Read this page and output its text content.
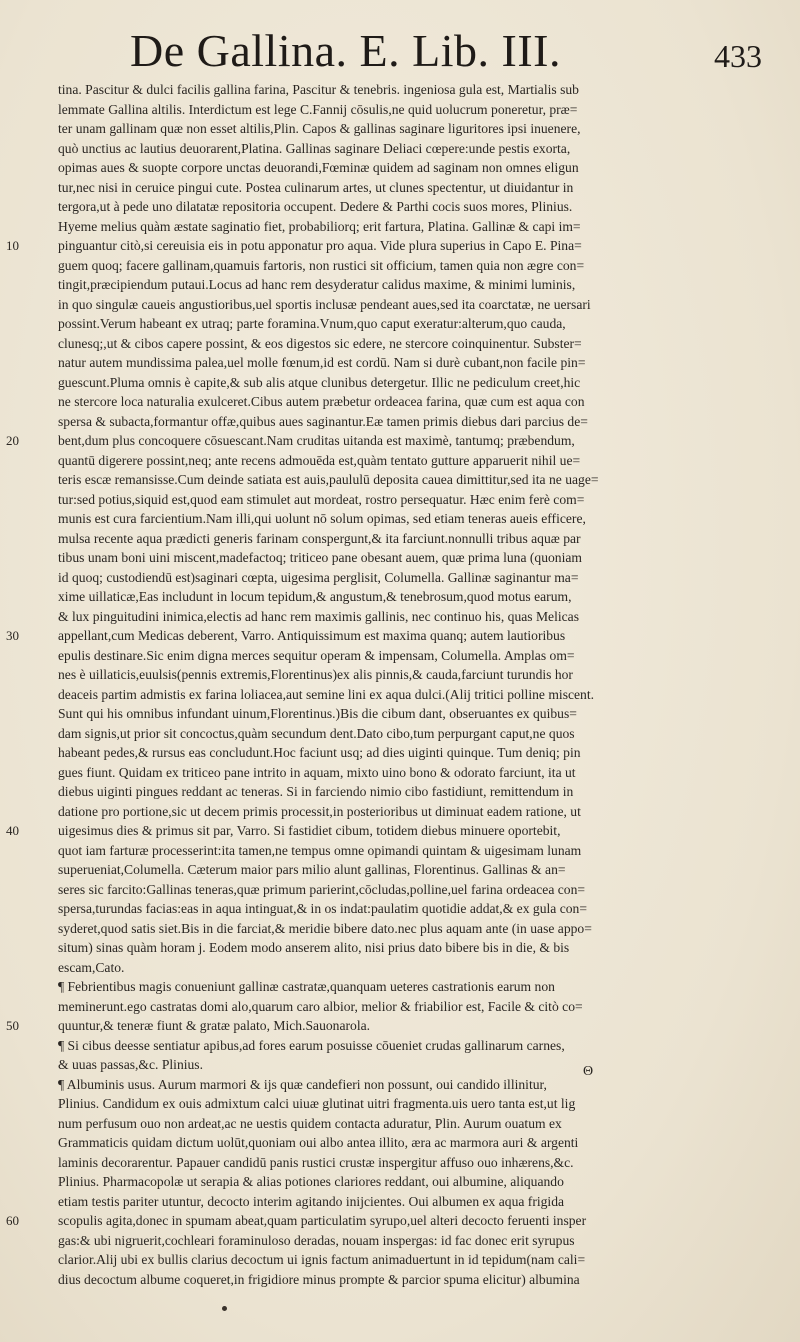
De Gallina. E. Lib. III.	433
tina. Pascitur & dulci facilis gallina farina, Pascitur & tenebris. ingeniosa gula est, Martialis sub
lemmate Gallina altilis. Interdictum est lege C.Fannij cōsulis,ne quid uolucrum poneretur, præ=
ter unam gallinam quæ non esset altilis,Plin. Capos & gallinas saginare liguritores ipsi inuenere,
quò unctius ac lautius deuorarent,Platina. Gallinas saginare Deliaci cœpere:unde pestis exorta,
opimas aues & suopte corpore unctas deuorandi,Fœminæ quidem ad saginam non omnes eligun
tur,nec nisi in ceruice pingui cute. Postea culinarum artes, ut clunes spectentur, ut diuidantur in
tergora,ut à pede uno dilatatæ repositoria occupent. Dedere & Parthi cocis suos mores, Plinius.
Hyeme melius quàm æstate saginatio fiet, probabiliorq; erit fartura, Platina. Gallinæ & capi im=
pinguantur citò,si cereuisia eis in potu apponatur pro aqua. Vide plura superius in Capo E. Pina=
guem quoq; facere gallinam,quamuis fartoris, non rustici sit officium, tamen quia non ægre con=
tingit,præcipiendum putaui.Locus ad hanc rem desyderatur calidus maxime, & minimi luminis,
in quo singulæ caueis angustioribus,uel sportis inclusæ pendeant aues,sed ita coarctatæ, ne uersari
possint.Verum habeant ex utraq; parte foramina.Vnum,quo caput exeratur:alterum,quo cauda,
clunesq;,ut & cibos capere possint, & eos digestos sic edere, ne stercore coinquinentur. Subster=
natur autem mundissima palea,uel molle fœnum,id est cordū. Nam si durè cubant,non facile pin=
guescunt.Pluma omnis è capite,& sub alis atque clunibus detergetur. Illic ne pediculum creet,hic
ne stercore loca naturalia exulceret.Cibus autem præbetur ordeacea farina, quæ cum est aqua con
spersa & subacta,formantur offæ,quibus aues saginantur.Eæ tamen primis diebus dari parcius de=
bent,dum plus concoquere cōsuescant.Nam cruditas uitanda est maximè, tantumq; præbendum,
quantū digerere possint,neq; ante recens admouēda est,quàm tentato gutture apparuerit nihil ue=
teris escæ remansisse.Cum deinde satiata est auis,paululū deposita cauea dimittitur,sed ita ne uage=
tur:sed potius,siquid est,quod eam stimulet aut mordeat, rostro persequatur. Hæc enim ferè com=
munis est cura farcientium.Nam illi,qui uolunt nō solum opimas, sed etiam teneras aueis efficere,
mulsa recente aqua prædicti generis farinam conspergunt,& ita farciunt.nonnulli tribus aquæ par
tibus unam boni uini miscent,madefactoq; triticeo pane obesant auem, quæ prima luna (quoniam
id quoq; custodiendū est)saginari cœpta, uigesima perglisit, Columella. Gallinæ saginantur ma=
xime uillaticæ,Eas includunt in locum tepidum,& angustum,& tenebrosum,quod motus earum,
& lux pinguitudini inimica,electis ad hanc rem maximis gallinis, nec continuo his, quas Melicas
appellant,cum Medicas deberent, Varro. Antiquissimum est maxima quanq; autem lautioribus
epulis destinare.Sic enim digna merces sequitur operam & impensam, Columella. Amplas om=
nes è uillaticis,euulsis(pennis extremis,Florentinus)ex alis pinnis,& cauda,farciunt turundis hor
deaceis partim admistis ex farina loliacea,aut semine lini ex aqua dulci.(Alij tritici polline miscent.
Sunt qui his omnibus infundant uinum,Florentinus.)Bis die cibum dant, obseruantes ex quibus=
dam signis,ut prior sit concoctus,quàm secundum dent.Dato cibo,tum perpurgant caput,ne quos
habeant pedes,& rursus eas concludunt.Hoc faciunt usq; ad dies uiginti quinque. Tum deniq; pin
gues fiunt. Quidam ex triticeo pane intrito in aquam, mixto uino bono & odorato farciunt, ita ut
diebus uiginti pingues reddant ac teneras. Si in farciendo nimio cibo fastidiunt, remittendum in
datione pro portione,sic ut decem primis processit,in posterioribus ut diminuat eadem ratione, ut
uigesimus dies & primus sit par, Varro. Si fastidiet cibum, totidem diebus minuere oportebit,
quot iam farturæ processerint:ita tamen,ne tempus omne opimandi quintam & uigesimam lunam
superueniat,Columella. Cæterum maior pars milio alunt gallinas, Florentinus. Gallinas & an=
seres sic farcito:Gallinas teneras,quæ primum parierint,cōcludas,polline,uel farina ordeacea con=
spersa,turundas facias:eas in aqua intinguat,& in os indat:paulatim quotidie addat,& ex gula con=
syderet,quod satis siet.Bis in die farciat,& meridie bibere dato.nec plus aquam ante (in uase appo=
situm) sinas quàm horam j. Eodem modo anserem alito, nisi prius dato bibere bis in die, & bis
escam,Cato.
¶ Febrientibus magis conueniunt gallinæ castratæ,quanquam ueteres castrationis earum non
meminerunt.ego castratas domi alo,quarum caro albior, melior & friabilior est, Facile & citò co=
quuntur,& teneræ fiunt & gratæ palato, Mich.Sauonarola.
¶ Si cibus deesse sentiatur apibus,ad fores earum posuisse cōueniet crudas gallinarum carnes,
& uuas passas,&c. Plinius.
¶ Albuminis usus. Aurum marmori & ijs quæ candefieri non possunt, oui candido illinitur,
Plinius. Candidum ex ouis admixtum calci uiuæ glutinat uitri fragmenta.uis uero tanta est,ut lig
num perfusum ouo non ardeat,ac ne uestis quidem contacta aduratur, Plin. Aurum ouatum ex
Grammaticis quidam dictum uolūt,quoniam oui albo antea illito, æra ac marmora auri & argenti
laminis decorarentur. Papauer candidū panis rustici crustæ inspergitur affuso ouo inhærens,&c.
Plinius. Pharmacopolæ ut serapia & alias potiones clariores reddant, oui albumine, aliquando
etiam testis pariter utuntur, decocto interim agitando inijcientes. Oui albumen ex aqua frigida
scopulis agita,donec in spumam abeat,quam particulatim syrupo,uel alteri decocto feruenti insper
gas:& ubi nigruerit,cochleari foraminuloso deradas, nouam inspergas: id fac donec erit syrupus
clarior.Alij ubi ex bullis clarius decoctum ui ignis factum animaduertunt in id tepidum(nam cali=
dius decoctum albume coqueret,in frigidiore minus prompte & parcior spuma elicitur) albumina
10
20
30
40
50
60
Θ
